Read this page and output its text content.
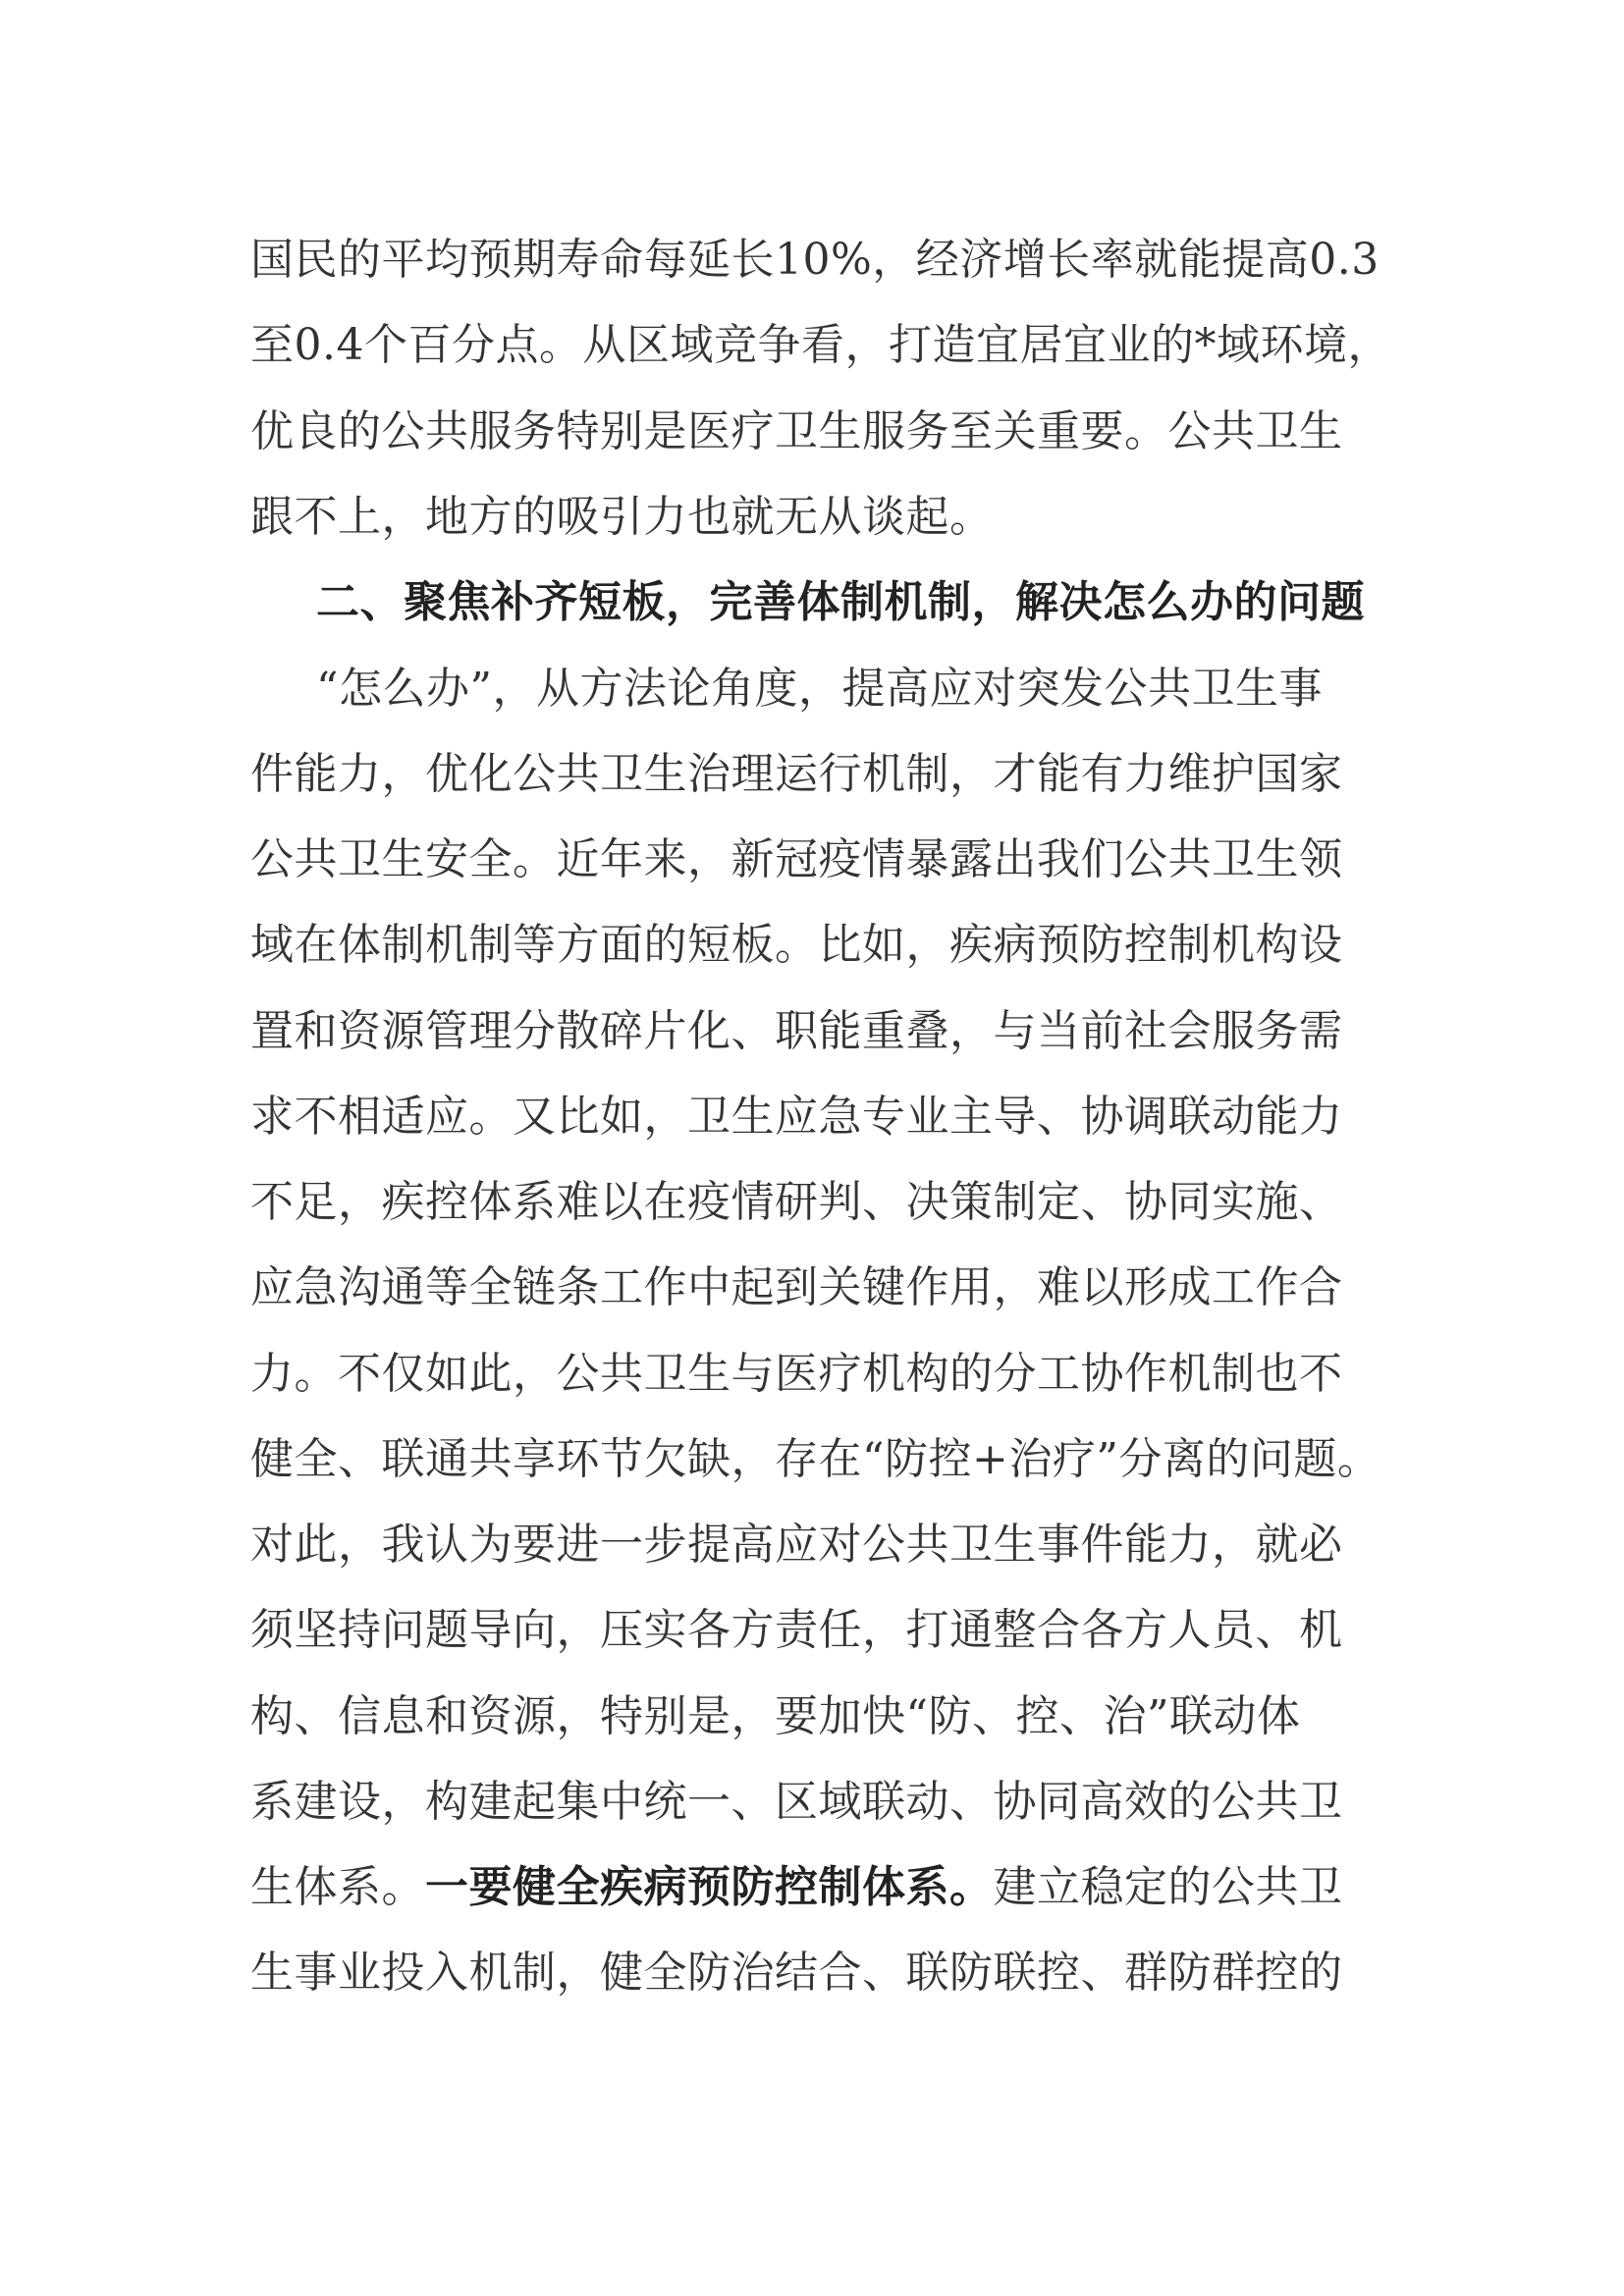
国民的平均预期寿命每延长10%，经济增长率就能提高0.3
至0.4个百分点。从区域竞争看，打造宜居宜业的*域环境，
优良的公共服务特别是医疗卫生服务至关重要。公共卫生
跟不上，地方的吸引力也就无从谈起。
二、聚焦补齐短板，完善体制机制，解决怎么办的问题
“怎么办”，从方法论角度，提高应对突发公共卫生事
件能力，优化公共卫生治理运行机制，才能有力维护国家
公共卫生安全。近年来，新冠疫情暴露出我们公共卫生领
域在体制机制等方面的短板。比如，疾病预防控制机构设
置和资源管理分散碎片化、职能重叠，与当前社会服务需
求不相适应。又比如，卫生应急专业主导、协调联动能力
不足，疾控体系难以在疫情研判、决策制定、协同实施、
应急沟通等全链条工作中起到关键作用，难以形成工作合
力。不仅如此，公共卫生与医疗机构的分工协作机制也不
健全、联通共享环节欠缺，存在“防控+治疗”分离的问题。
对此，我认为要进一步提高应对公共卫生事件能力，就必
须坚持问题导向，压实各方责任，打通整合各方人员、机
构、信息和资源，特别是，要加快“防、控、治”联动体
系建设，构建起集中统一、区域联动、协同高效的公共卫
生体系。一要健全疾病预防控制体系。建立稳定的公共卫
生事业投入机制，健全防治结合、联防联控、群防群控的
